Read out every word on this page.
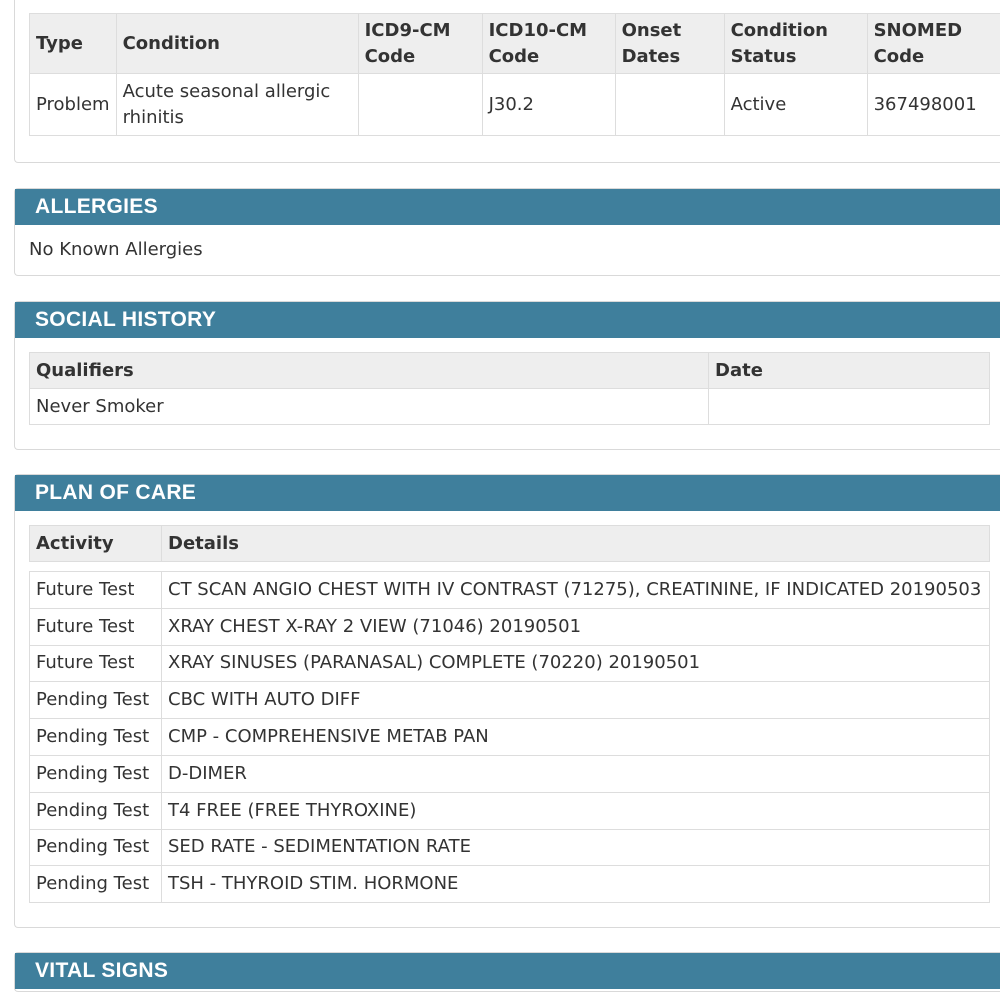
Type	Condition	ICD9-CM Code	ICD10-CM Code	Onset Dates	Condition Status	SNOMED Code
Problem	Acute seasonal allergic rhinitis		J30.2		Active	367498001
ALLERGIES
No Known Allergies
SOCIAL HISTORY
Qualifiers	Date
Never Smoker	
PLAN OF CARE
Activity	Details
Future Test	CT SCAN ANGIO CHEST WITH IV CONTRAST (71275), CREATININE, IF INDICATED 20190503
Future Test	XRAY CHEST X-RAY 2 VIEW (71046) 20190501
Future Test	XRAY SINUSES (PARANASAL) COMPLETE (70220) 20190501
Pending Test	CBC WITH AUTO DIFF
Pending Test	CMP - COMPREHENSIVE METAB PAN
Pending Test	D-DIMER
Pending Test	T4 FREE (FREE THYROXINE)
Pending Test	SED RATE - SEDIMENTATION RATE
Pending Test	TSH - THYROID STIM. HORMONE
VITAL SIGNS
